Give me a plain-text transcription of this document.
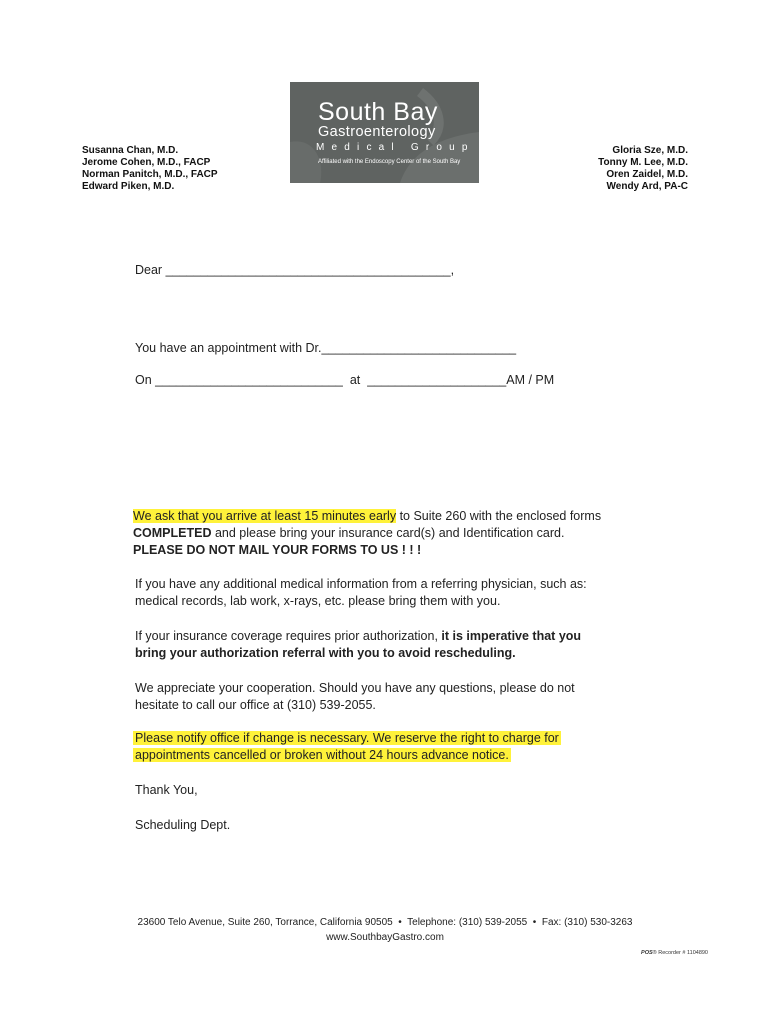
South Bay
Gastroenterology
Medical Group
Affiliated with the Endoscopy Center of the South Bay
Susanna Chan, M.D.
Jerome Cohen, M.D., FACP
Norman Panitch, M.D., FACP
Edward Piken, M.D.
Gloria Sze, M.D.
Tonny M. Lee, M.D.
Oren Zaidel, M.D.
Wendy Ard, PA-C
Dear _________________________________________,
You have an appointment with Dr.____________________________
On ___________________________ at ____________________AM / PM
We ask that you arrive at least 15 minutes early to Suite 260 with the enclosed forms COMPLETED and please bring your insurance card(s) and Identification card. PLEASE DO NOT MAIL YOUR FORMS TO US ! ! !
If you have any additional medical information from a referring physician, such as: medical records, lab work, x-rays, etc. please bring them with you.
If your insurance coverage requires prior authorization, it is imperative that you bring your authorization referral with you to avoid rescheduling.
We appreciate your cooperation. Should you have any questions, please do not hesitate to call our office at (310) 539-2055.
Please notify office if change is necessary. We reserve the right to charge for appointments cancelled or broken without 24 hours advance notice.
Thank You,
Scheduling Dept.
23600 Telo Avenue, Suite 260, Torrance, California 90505  •  Telephone: (310) 539-2055  •  Fax: (310) 530-3263
www.SouthbayGastro.com
POS® Recorder # 1104890
